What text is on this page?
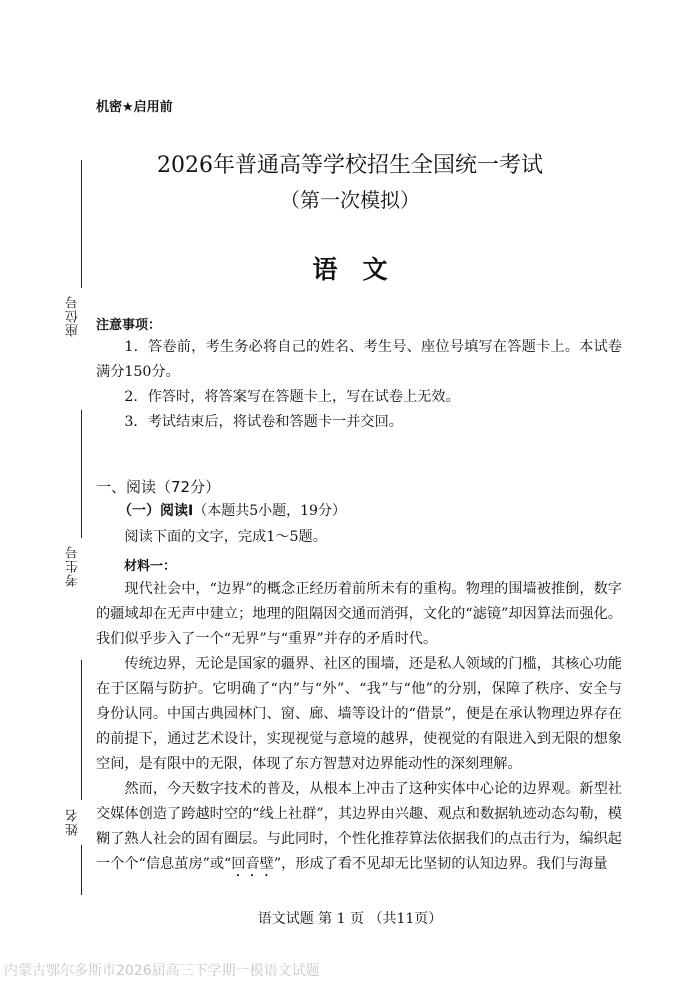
机密★启用前
2026年普通高等学校招生全国统一考试
（第一次模拟）
语　文
座位号
考生号
姓名
注意事项：
1．答卷前，考生务必将自己的姓名、考生号、座位号填写在答题卡上。本试卷满分150分。
2．作答时，将答案写在答题卡上，写在试卷上无效。
3．考试结束后，将试卷和答题卡一并交回。
一、阅读（72分）
（一）阅读Ⅰ（本题共5小题，19分）
阅读下面的文字，完成1～5题。
材料一：
现代社会中，“边界”的概念正经历着前所未有的重构。物理的围墙被推倒，数字的疆域却在无声中建立；地理的阻隔因交通而消弭，文化的“滤镜”却因算法而强化。我们似乎步入了一个“无界”与“重界”并存的矛盾时代。
传统边界，无论是国家的疆界、社区的围墙，还是私人领域的门槛，其核心功能在于区隔与防护。它明确了“内”与“外”、“我”与“他”的分别，保障了秩序、安全与身份认同。中国古典园林门、窗、廊、墙等设计的“借景”，便是在承认物理边界存在的前提下，通过艺术设计，实现视觉与意境的越界，使视觉的有限进入到无限的想象空间，是有限中的无限，体现了东方智慧对边界能动性的深刻理解。
然而，今天数字技术的普及，从根本上冲击了这种实体中心论的边界观。新型社交媒体创造了跨越时空的“线上社群”，其边界由兴趣、观点和数据轨迹动态勾勒，模糊了熟人社会的固有圈层。与此同时，个性化推荐算法依据我们的点击行为，编织起一个个“信息茧房”或“回音壁”，形成了看不见却无比坚韧的认知边界。我们与海量
语文试题 第 1 页 （共11页）
内蒙古鄂尔多斯市2026届高三下学期一模语文试题
